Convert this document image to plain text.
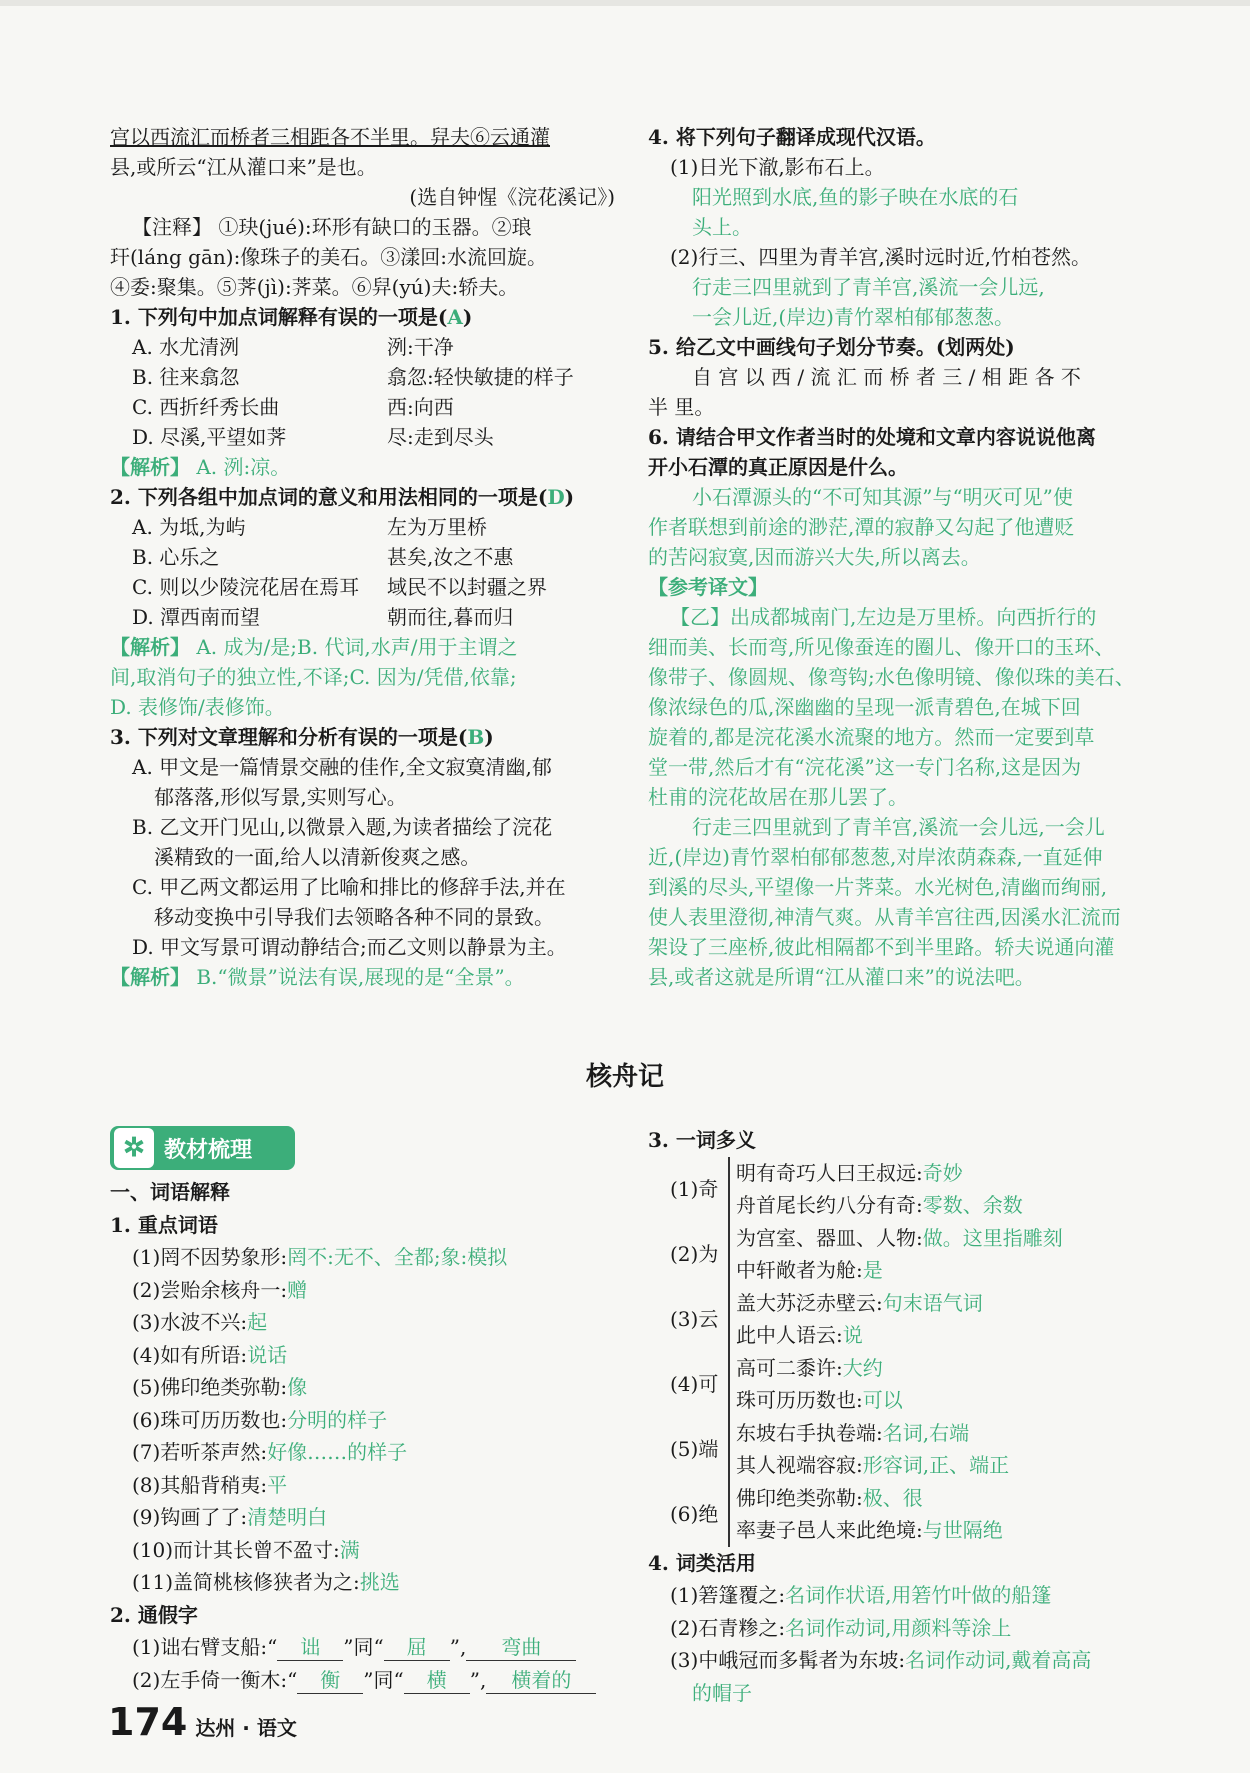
宫以西流汇而桥者三相距各不半里。舁夫⑥云通灌
县,或所云“江从灌口来”是也。
(选自钟惺《浣花溪记》)
【注释】 ①玦(jué):环形有缺口的玉器。②琅
玕(láng gān):像珠子的美石。③漾回:水流回旋。
④委:聚集。⑤荠(jì):荠菜。⑥舁(yú)夫:轿夫。
1. 下列句中加点词解释有误的一项是(A)
A. 水尤清洌	洌:干净
B. 往来翕忽	翕忽:轻快敏捷的样子
C. 西折纤秀长曲	西:向西
D. 尽溪,平望如荠	尽:走到尽头
【解析】 A. 洌:凉。
2. 下列各组中加点词的意义和用法相同的一项是(D)
A. 为坻,为屿	左为万里桥
B. 心乐之	甚矣,汝之不惠
C. 则以少陵浣花居在焉耳	域民不以封疆之界
D. 潭西南而望	朝而往,暮而归
【解析】 A. 成为/是;B. 代词,水声/用于主谓之
间,取消句子的独立性,不译;C. 因为/凭借,依靠;
D. 表修饰/表修饰。
3. 下列对文章理解和分析有误的一项是(B)
A. 甲文是一篇情景交融的佳作,全文寂寞清幽,郁
郁落落,形似写景,实则写心。
B. 乙文开门见山,以微景入题,为读者描绘了浣花
溪精致的一面,给人以清新俊爽之感。
C. 甲乙两文都运用了比喻和排比的修辞手法,并在
移动变换中引导我们去领略各种不同的景致。
D. 甲文写景可谓动静结合;而乙文则以静景为主。
【解析】 B.“微景”说法有误,展现的是“全景”。
4. 将下列句子翻译成现代汉语。
(1)日光下澈,影布石上。
阳光照到水底,鱼的影子映在水底的石
头上。
(2)行三、四里为青羊宫,溪时远时近,竹柏苍然。
行走三四里就到了青羊宫,溪流一会儿远,
一会儿近,(岸边)青竹翠柏郁郁葱葱。
5. 给乙文中画线句子划分节奏。(划两处)
自 宫 以 西 / 流 汇 而 桥 者 三 / 相 距 各 不
半 里。
6. 请结合甲文作者当时的处境和文章内容说说他离
开小石潭的真正原因是什么。
小石潭源头的“不可知其源”与“明灭可见”使
作者联想到前途的渺茫,潭的寂静又勾起了他遭贬
的苦闷寂寞,因而游兴大失,所以离去。
【参考译文】
【乙】出成都城南门,左边是万里桥。向西折行的
细而美、长而弯,所见像蚕连的圈儿、像开口的玉环、
像带子、像圆规、像弯钩;水色像明镜、像似珠的美石、
像浓绿色的瓜,深幽幽的呈现一派青碧色,在城下回
旋着的,都是浣花溪水流聚的地方。然而一定要到草
堂一带,然后才有“浣花溪”这一专门名称,这是因为
杜甫的浣花故居在那儿罢了。
行走三四里就到了青羊宫,溪流一会儿远,一会儿
近,(岸边)青竹翠柏郁郁葱葱,对岸浓荫森森,一直延伸
到溪的尽头,平望像一片荠菜。水光树色,清幽而绚丽,
使人表里澄彻,神清气爽。从青羊宫往西,因溪水汇流而
架设了三座桥,彼此相隔都不到半里路。轿夫说通向灌
县,或者这就是所谓“江从灌口来”的说法吧。
核舟记
✲ 教材梳理
一、词语解释
1. 重点词语
(1)罔不因势象形:罔不:无不、全都;象:模拟
(2)尝贻余核舟一:赠
(3)水波不兴:起
(4)如有所语:说话
(5)佛印绝类弥勒:像
(6)珠可历历数也:分明的样子
(7)若听茶声然:好像……的样子
(8)其船背稍夷:平
(9)钩画了了:清楚明白
(10)而计其长曾不盈寸:满
(11)盖简桃核修狭者为之:挑选
2. 通假字
(1)诎右臂支船:“ 诎 ”同“ 屈 ”, 弯曲
(2)左手倚一衡木:“ 衡 ”同“ 横 ”, 横着的
3. 一词多义
(1)奇
明有奇巧人曰王叔远:奇妙
舟首尾长约八分有奇:零数、余数
(2)为
为宫室、器皿、人物:做。这里指雕刻
中轩敞者为舱:是
(3)云
盖大苏泛赤壁云:句末语气词
此中人语云:说
(4)可
高可二黍许:大约
珠可历历数也:可以
(5)端
东坡右手执卷端:名词,右端
其人视端容寂:形容词,正、端正
(6)绝
佛印绝类弥勒:极、很
率妻子邑人来此绝境:与世隔绝
4. 词类活用
(1)箬篷覆之:名词作状语,用箬竹叶做的船篷
(2)石青糁之:名词作动词,用颜料等涂上
(3)中峨冠而多髯者为东坡:名词作动词,戴着高高
的帽子
174 达州 · 语文
